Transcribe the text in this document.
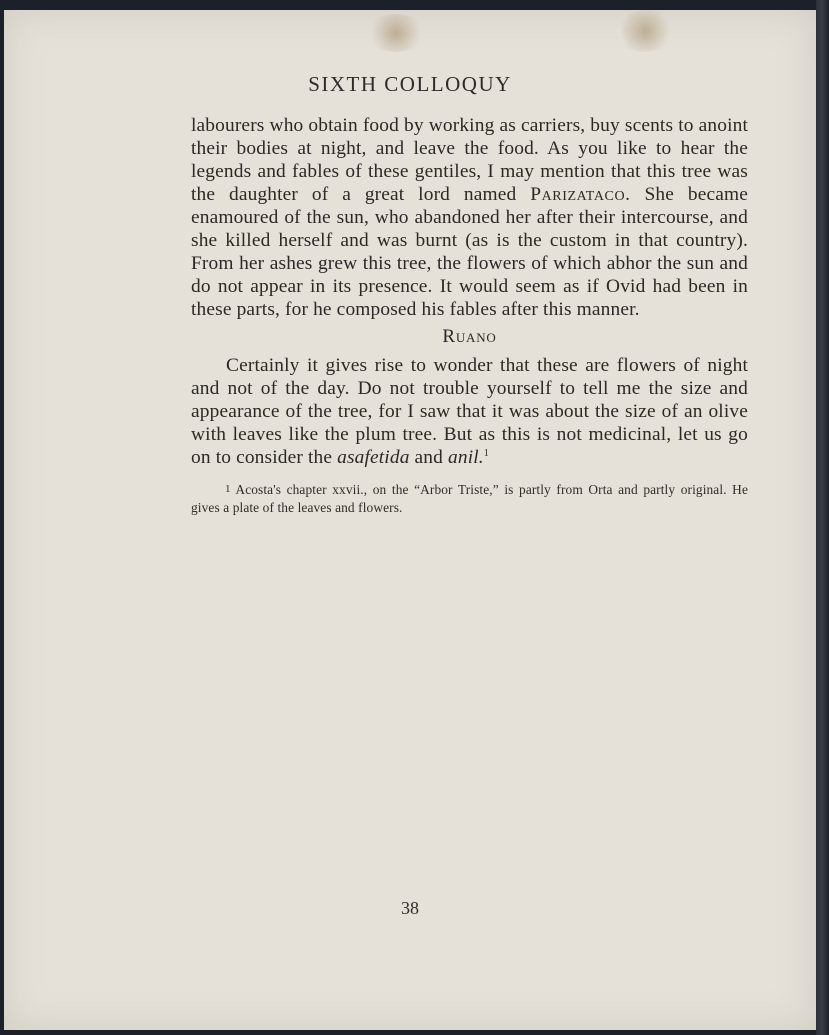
SIXTH COLLOQUY

labourers who obtain food by working as carriers, buy scents to anoint their bodies at night, and leave the food. As you like to hear the legends and fables of these gentiles, I may mention that this tree was the daughter of a great lord named Parizataco. She became enamoured of the sun, who abandoned her after their intercourse, and she killed herself and was burnt (as is the custom in that country). From her ashes grew this tree, the flowers of which abhor the sun and do not appear in its presence. It would seem as if Ovid had been in these parts, for he composed his fables after this manner.

Ruano

Certainly it gives rise to wonder that these are flowers of night and not of the day. Do not trouble yourself to tell me the size and appearance of the tree, for I saw that it was about the size of an olive with leaves like the plum tree. But as this is not medicinal, let us go on to consider the asafetida and anil.$^1$

1 Acosta's chapter xxvii., on the “Arbor Triste,” is partly from Orta and partly original. He gives a plate of the leaves and flowers.

38
